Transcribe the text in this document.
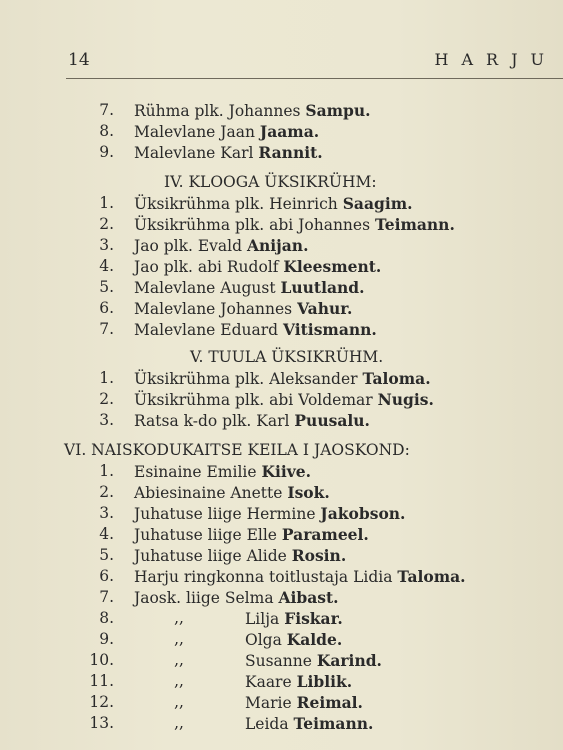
14	HARJU
7. Rühma plk. Johannes Sampu.
8. Malevlane Jaan Jaama.
9. Malevlane Karl Rannit.
IV. KLOOGA ÜKSIKRÜHM:
1. Üksikrühma plk. Heinrich Saagim.
2. Üksikrühma plk. abi Johannes Teimann.
3. Jao plk. Evald Anijan.
4. Jao plk. abi Rudolf Kleesment.
5. Malevlane August Luutland.
6. Malevlane Johannes Vahur.
7. Malevlane Eduard Vitismann.
V. TUULA ÜKSIKRÜHM.
1. Üksikrühma plk. Aleksander Taloma.
2. Üksikrühma plk. abi Voldemar Nugis.
3. Ratsa k-do plk. Karl Puusalu.
VI. NAISKODUKAITSE KEILA I JAOSKOND:
1. Esinaine Emilie Kiive.
2. Abiesinaine Anette Isok.
3. Juhatuse liige Hermine Jakobson.
4. Juhatuse liige Elle Parameel.
5. Juhatuse liige Alide Rosin.
6. Harju ringkonna toitlustaja Lidia Taloma.
7. Jaosk. liige Selma Aibast.
8.	,,	Lilja Fiskar.
9.	,,	Olga Kalde.
10.	,,	Susanne Karind.
11.	,,	Kaare Liblik.
12.	,,	Marie Reimal.
13.	,,	Leida Teimann.
